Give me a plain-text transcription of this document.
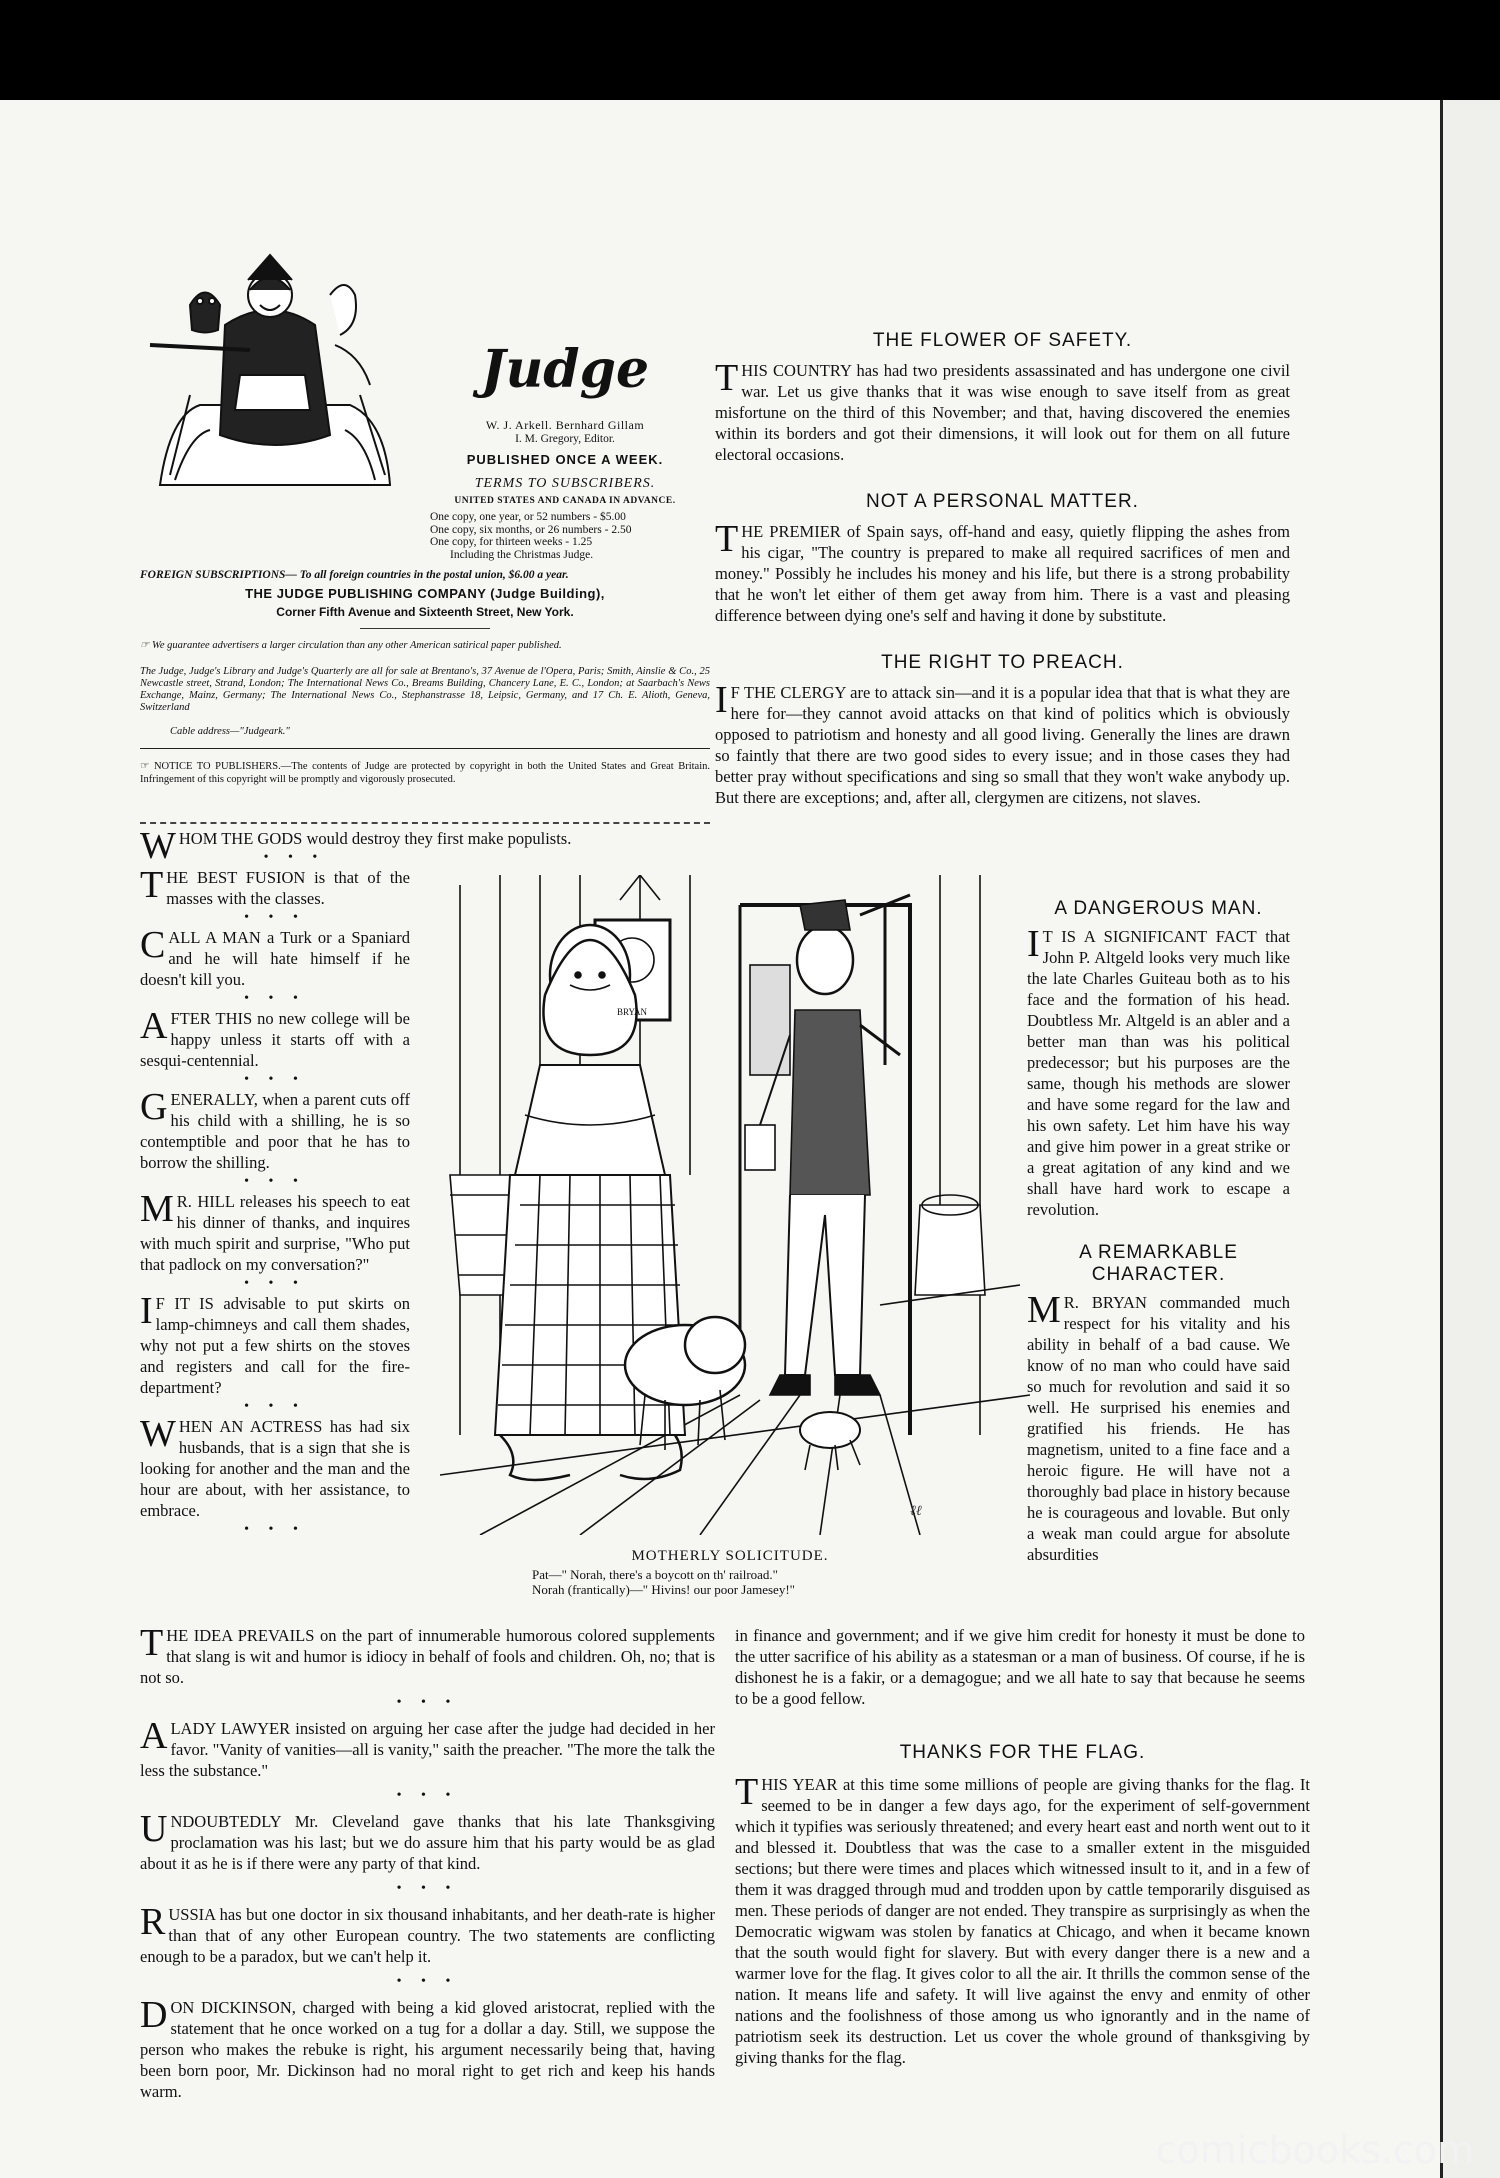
Judge
W. J. Arkell. Bernhard Gillam
I. M. Gregory, Editor.
PUBLISHED ONCE A WEEK.
TERMS TO SUBSCRIBERS.
UNITED STATES AND CANADA IN ADVANCE.
One copy, one year, or 52 numbers - $5.00
One copy, six months, or 26 numbers - 2.50
One copy, for thirteen weeks - 1.25
Including the Christmas Judge.
FOREIGN SUBSCRIPTIONS— To all foreign countries in the postal union, $6.00 a year.
THE JUDGE PUBLISHING COMPANY (Judge Building),
Corner Fifth Avenue and Sixteenth Street, New York.
☞ We guarantee advertisers a larger circulation than any other American satirical paper published.
The Judge, Judge's Library and Judge's Quarterly are all for sale at Brentano's, 37 Avenue de l'Opera, Paris; Smith, Ainslie & Co., 25 Newcastle street, Strand, London; The International News Co., Breams Building, Chancery Lane, E. C., London; at Saarbach's News Exchange, Mainz, Germany; The International News Co., Stephanstrasse 18, Leipsic, Germany, and 17 Ch. E. Alioth, Geneva, Switzerland
Cable address—"Judgeark."
☞ NOTICE TO PUBLISHERS.—The contents of Judge are protected by copyright in both the United States and Great Britain. Infringement of this copyright will be promptly and vigorously prosecuted.
WHOM THE GODS would destroy they first make populists.
• • •
THE BEST FUSION is that of the masses with the classes.
• • •
CALL A MAN a Turk or a Spaniard and he will hate himself if he doesn't kill you.
• • •
AFTER THIS no new college will be happy unless it starts off with a sesqui-centennial.
• • •
GENERALLY, when a parent cuts off his child with a shilling, he is so contemptible and poor that he has to borrow the shilling.
• • •
M R. HILL releases his speech to eat his dinner of thanks, and inquires with much spirit and surprise, "Who put that padlock on my conversation?"
• • •
I F IT IS advisable to put skirts on lamp-chimneys and call them shades, why not put a few shirts on the stoves and registers and call for the fire-department?
• • •
WHEN AN ACTRESS has had six husbands, that is a sign that she is looking for another and the man and the hour are about, with her assistance, to embrace.
• • •
ℓℓ
BRYAN
MOTHERLY SOLICITUDE.
Pat—" Norah, there's a boycott on th' railroad."
Norah (frantically)—" Hivins! our poor Jamesey!"
THE FLOWER OF SAFETY.
THIS COUNTRY has had two presidents assassinated and has undergone one civil war. Let us give thanks that it was wise enough to save itself from as great misfortune on the third of this November; and that, having discovered the enemies within its borders and got their dimensions, it will look out for them on all future electoral occasions.
NOT A PERSONAL MATTER.
THE PREMIER of Spain says, off-hand and easy, quietly flipping the ashes from his cigar, "The country is prepared to make all required sacrifices of men and money." Possibly he includes his money and his life, but there is a strong probability that he won't let either of them get away from him. There is a vast and pleasing difference between dying one's self and having it done by substitute.
THE RIGHT TO PREACH.
I F THE CLERGY are to attack sin—and it is a popular idea that that is what they are here for—they cannot avoid attacks on that kind of politics which is obviously opposed to patriotism and honesty and all good living. Generally the lines are drawn so faintly that there are two good sides to every issue; and in those cases they had better pray without specifications and sing so small that they won't wake anybody up. But there are exceptions; and, after all, clergymen are citizens, not slaves.
A DANGEROUS MAN.
I T IS A SIGNIFICANT FACT that John P. Altgeld looks very much like the late Charles Guiteau both as to his face and the formation of his head. Doubtless Mr. Altgeld is an abler and a better man than was his political predecessor; but his purposes are the same, though his methods are slower and have some regard for the law and his own safety. Let him have his way and give him power in a great strike or a great agitation of any kind and we shall have hard work to escape a revolution.
A REMARKABLE CHARACTER.
M R. BRYAN commanded much respect for his vitality and his ability in behalf of a bad cause. We know of no man who could have said so much for revolution and said it so well. He surprised his enemies and gratified his friends. He has magnetism, united to a fine face and a heroic figure. He will have not a thoroughly bad place in history because he is courageous and lovable. But only a weak man could argue for absolute absurdities
in finance and government; and if we give him credit for honesty it must be done to the utter sacrifice of his ability as a statesman or a man of business. Of course, if he is dishonest he is a fakir, or a demagogue; and we all hate to say that because he seems to be a good fellow.
THE IDEA PREVAILS on the part of innumerable humorous colored supplements that slang is wit and humor is idiocy in behalf of fools and children. Oh, no; that is not so.
• • •
A LADY LAWYER insisted on arguing her case after the judge had decided in her favor. "Vanity of vanities—all is vanity," saith the preacher. "The more the talk the less the substance."
• • •
UNDOUBTEDLY Mr. Cleveland gave thanks that his late Thanksgiving proclamation was his last; but we do assure him that his party would be as glad about it as he is if there were any party of that kind.
• • •
RUSSIA has but one doctor in six thousand inhabitants, and her death-rate is higher than that of any other European country. The two statements are conflicting enough to be a paradox, but we can't help it.
• • •
DON DICKINSON, charged with being a kid gloved aristocrat, replied with the statement that he once worked on a tug for a dollar a day. Still, we suppose the person who makes the rebuke is right, his argument necessarily being that, having been born poor, Mr. Dickinson had no moral right to get rich and keep his hands warm.
THANKS FOR THE FLAG.
THIS YEAR at this time some millions of people are giving thanks for the flag. It seemed to be in danger a few days ago, for the experiment of self-government which it typifies was seriously threatened; and every heart east and north went out to it and blessed it. Doubtless that was the case to a smaller extent in the misguided sections; but there were times and places which witnessed insult to it, and in a few of them it was dragged through mud and trodden upon by cattle temporarily disguised as men. These periods of danger are not ended. They transpire as surprisingly as when the Democratic wigwam was stolen by fanatics at Chicago, and when it became known that the south would fight for slavery. But with every danger there is a new and a warmer love for the flag. It gives color to all the air. It thrills the common sense of the nation. It means life and safety. It will live against the envy and enmity of other nations and the foolishness of those among us who ignorantly and in the name of patriotism seek its destruction. Let us cover the whole ground of thanksgiving by giving thanks for the flag.
comicbooks.com
